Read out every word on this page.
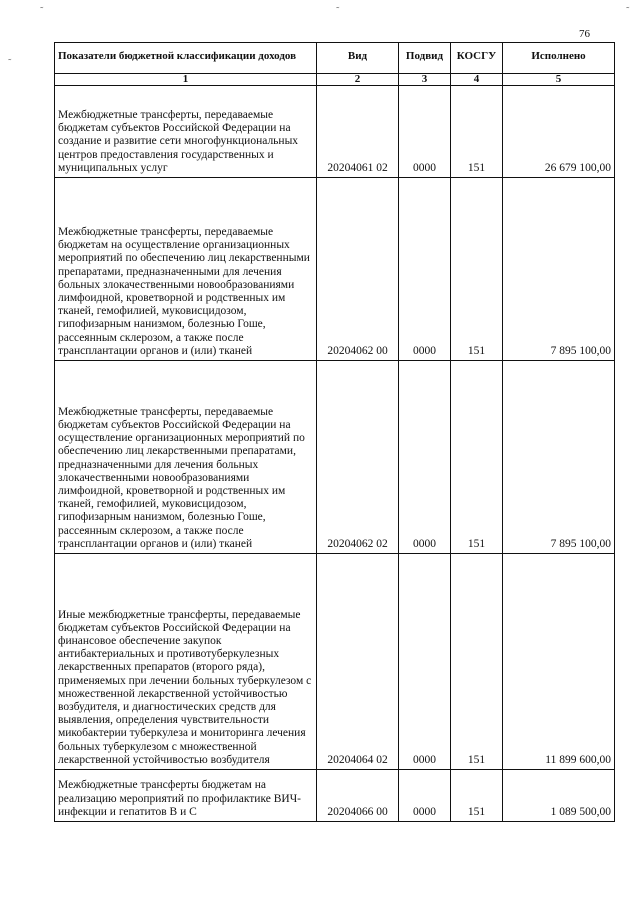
˜	˜	˜
˜
76
Показатели бюджетной классификации доходов	Вид	Подвид	КОСГУ	Исполнено
1	2	3	4	5
Межбюджетные трансферты, передаваемые бюджетам субъектов Российской Федерации на создание и развитие сети многофункциональных центров предоставления государственных и муниципальных услуг	20204061 02	0000	151	26 679 100,00
Межбюджетные трансферты, передаваемые бюджетам на осуществление организационных мероприятий по обеспечению лиц лекарственными препаратами, предназначенными для лечения больных злокачественными новообразованиями лимфоидной, кроветворной и родственных им тканей, гемофилией, муковисцидозом, гипофизарным нанизмом, болезнью Гоше, рассеянным склерозом, а также после трансплантации органов и (или) тканей	20204062 00	0000	151	7 895 100,00
Межбюджетные трансферты, передаваемые бюджетам субъектов Российской Федерации на осуществление организационных мероприятий по обеспечению лиц лекарственными препаратами, предназначенными для лечения больных злокачественными новообразованиями лимфоидной, кроветворной и родственных им тканей, гемофилией, муковисцидозом, гипофизарным нанизмом, болезнью Гоше, рассеянным склерозом, а также после трансплантации органов и (или) тканей	20204062 02	0000	151	7 895 100,00
Иные межбюджетные трансферты, передаваемые бюджетам субъектов Российской Федерации на финансовое обеспечение закупок антибактериальных и противотуберкулезных лекарственных препаратов (второго ряда), применяемых при лечении больных туберкулезом с множественной лекарственной устойчивостью возбудителя, и диагностических средств для выявления, определения чувствительности микобактерии туберкулеза и мониторинга лечения больных туберкулезом с множественной лекарственной устойчивостью возбудителя	20204064 02	0000	151	11 899 600,00
Межбюджетные трансферты бюджетам на реализацию мероприятий по профилактике ВИЧ-инфекции и гепатитов В и С	20204066 00	0000	151	1 089 500,00
